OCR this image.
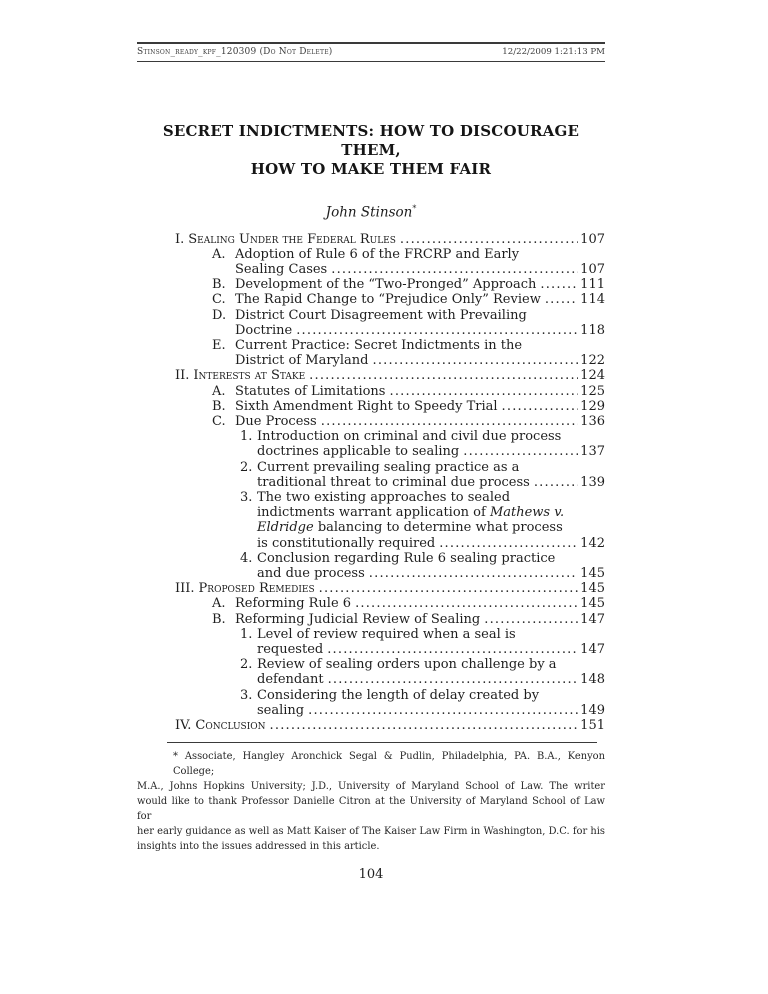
Stinson_ready_kpf_120309 (Do Not Delete)	12/22/2009 1:21:13 PM
SECRET INDICTMENTS: HOW TO DISCOURAGE THEM,
HOW TO MAKE THEM FAIR
John Stinson*
I. Sealing Under the Federal Rules .....	107
A. Adoption of Rule 6 of the FRCRP and Early
Sealing Cases .....	107
B. Development of the “Two-Pronged” Approach .....	111
C. The Rapid Change to “Prejudice Only” Review .....	114
D. District Court Disagreement with Prevailing
Doctrine .....	118
E. Current Practice: Secret Indictments in the
District of Maryland .....	122
II. Interests at Stake .....	124
A. Statutes of Limitations .....	125
B. Sixth Amendment Right to Speedy Trial .....	129
C. Due Process .....	136
1. Introduction on criminal and civil due process
doctrines applicable to sealing .....	137
2. Current prevailing sealing practice as a
traditional threat to criminal due process .....	139
3. The two existing approaches to sealed
indictments warrant application of Mathews v.
Eldridge balancing to determine what process
is constitutionally required .....	142
4. Conclusion regarding Rule 6 sealing practice
and due process .....	145
III. Proposed Remedies .....	145
A. Reforming Rule 6 .....	145
B. Reforming Judicial Review of Sealing .....	147
1. Level of review required when a seal is
requested .....	147
2. Review of sealing orders upon challenge by a
defendant .....	148
3. Considering the length of delay created by
sealing .....	149
IV. Conclusion .....	151
* Associate, Hangley Aronchick Segal & Pudlin, Philadelphia, PA. B.A., Kenyon College;
M.A., Johns Hopkins University; J.D., University of Maryland School of Law. The writer
would like to thank Professor Danielle Citron at the University of Maryland School of Law for
her early guidance as well as Matt Kaiser of The Kaiser Law Firm in Washington, D.C. for his
insights into the issues addressed in this article.
104
